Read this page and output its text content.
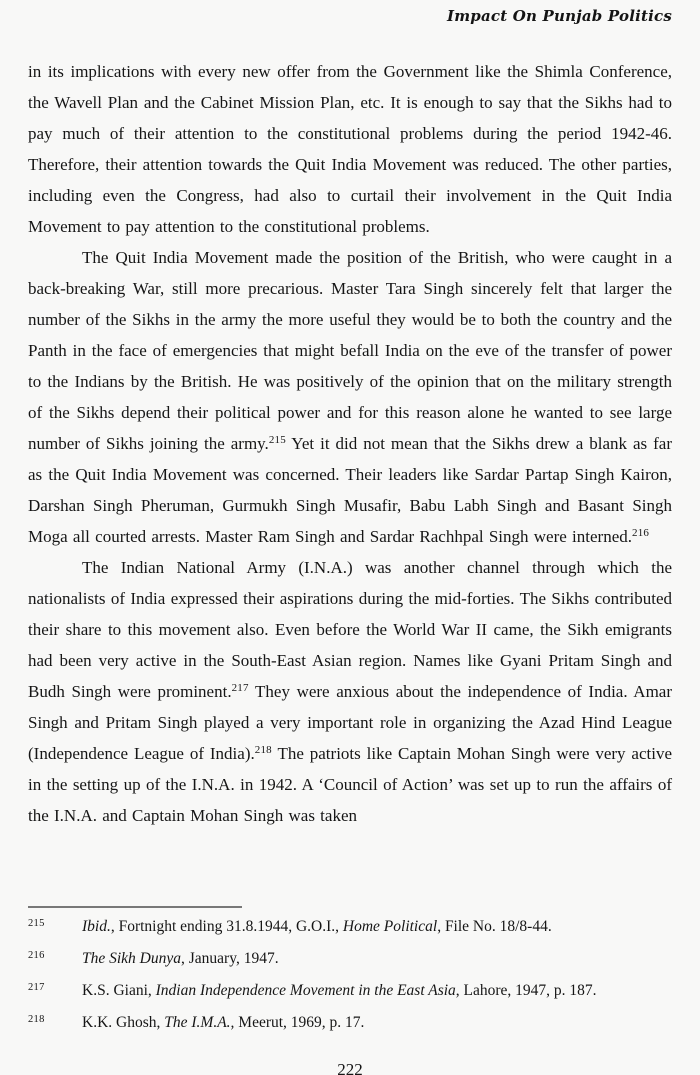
Impact On Punjab Politics

in its implications with every new offer from the Government like the Shimla Conference, the Wavell Plan and the Cabinet Mission Plan, etc. It is enough to say that the Sikhs had to pay much of their attention to the constitutional problems during the period 1942-46. Therefore, their attention towards the Quit India Movement was reduced. The other parties, including even the Congress, had also to curtail their involvement in the Quit India Movement to pay attention to the constitutional problems.

The Quit India Movement made the position of the British, who were caught in a back-breaking War, still more precarious. Master Tara Singh sincerely felt that larger the number of the Sikhs in the army the more useful they would be to both the country and the Panth in the face of emergencies that might befall India on the eve of the transfer of power to the Indians by the British. He was positively of the opinion that on the military strength of the Sikhs depend their political power and for this reason alone he wanted to see large number of Sikhs joining the army.$^{215}$ Yet it did not mean that the Sikhs drew a blank as far as the Quit India Movement was concerned. Their leaders like Sardar Partap Singh Kairon, Darshan Singh Pheruman, Gurmukh Singh Musafir, Babu Labh Singh and Basant Singh Moga all courted arrests. Master Ram Singh and Sardar Rachhpal Singh were interned.$^{216}$

The Indian National Army (I.N.A.) was another channel through which the nationalists of India expressed their aspirations during the mid-forties. The Sikhs contributed their share to this movement also. Even before the World War II came, the Sikh emigrants had been very active in the South-East Asian region. Names like Gyani Pritam Singh and Budh Singh were prominent.$^{217}$ They were anxious about the independence of India. Amar Singh and Pritam Singh played a very important role in organizing the Azad Hind League (Independence League of India).$^{218}$ The patriots like Captain Mohan Singh were very active in the setting up of the I.N.A. in 1942. A ‘Council of Action’ was set up to run the affairs of the I.N.A. and Captain Mohan Singh was taken

215 Ibid., Fortnight ending 31.8.1944, G.O.I., Home Political, File No. 18/8-44.
216 The Sikh Dunya, January, 1947.
217 K.S. Giani, Indian Independence Movement in the East Asia, Lahore, 1947, p. 187.
218 K.K. Ghosh, The I.M.A., Meerut, 1969, p. 17.
222
